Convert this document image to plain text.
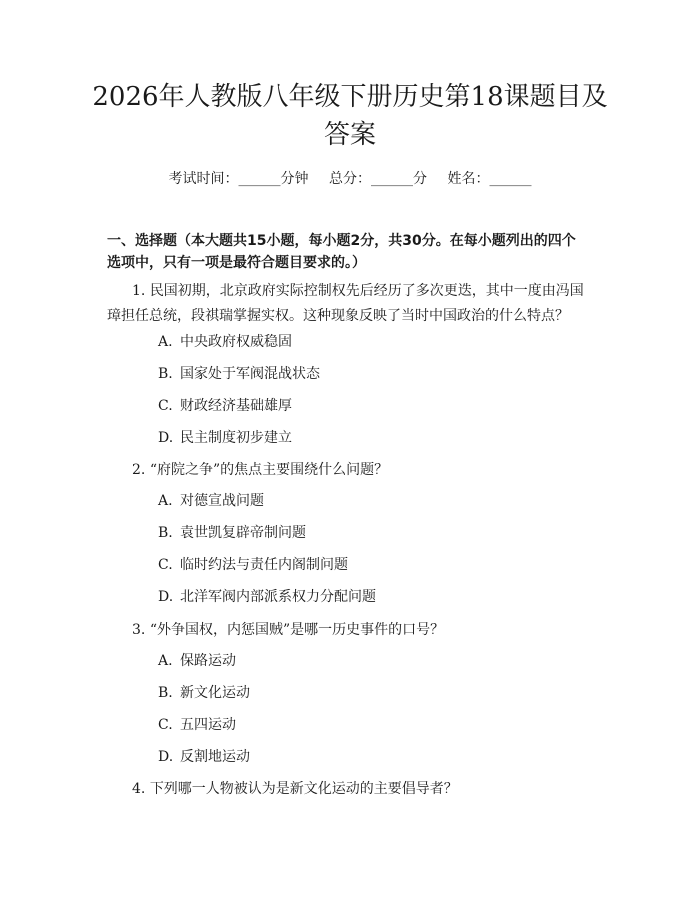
2026年人教版八年级下册历史第18课题目及答案
考试时间：______分钟 总分：______分 姓名：______

一、选择题（本大题共15小题，每小题2分，共30分。在每小题列出的四个选项中，只有一项是最符合题目要求的。）

1. 民国初期，北京政府实际控制权先后经历了多次更迭，其中一度由冯国璋担任总统，段祺瑞掌握实权。这种现象反映了当时中国政治的什么特点？

A. 中央政府权威稳固

B. 国家处于军阀混战状态

C. 财政经济基础雄厚

D. 民主制度初步建立

2. “府院之争”的焦点主要围绕什么问题？

A. 对德宣战问题

B. 袁世凯复辟帝制问题

C. 临时约法与责任内阁制问题

D. 北洋军阀内部派系权力分配问题

3. “外争国权，内惩国贼”是哪一历史事件的口号？

A. 保路运动

B. 新文化运动

C. 五四运动

D. 反割地运动

4. 下列哪一人物被认为是新文化运动的主要倡导者？
